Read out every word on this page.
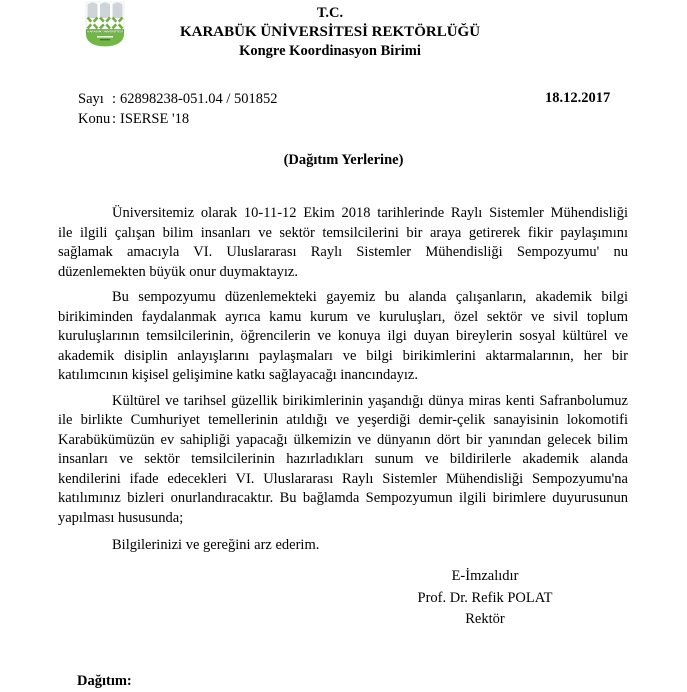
KARABÜK ÜNİVERSİTESİ
T.C.
KARABÜK ÜNİVERSİTESİ REKTÖRLÜĞÜ
Kongre Koordinasyon Birimi
Sayı : 62898238-051.04 / 501852
Konu : ISERSE '18
18.12.2017
(Dağıtım Yerlerine)
Üniversitemiz olarak 10-11-12 Ekim 2018 tarihlerinde Raylı Sistemler Mühendisliği
ile ilgili çalışan bilim insanları ve sektör temsilcilerini bir araya getirerek fikir paylaşımını
sağlamak amacıyla VI. Uluslararası Raylı Sistemler Mühendisliği Sempozyumu' nu
düzenlemekten büyük onur duymaktayız.
Bu sempozyumu düzenlemekteki gayemiz bu alanda çalışanların, akademik bilgi
birikiminden faydalanmak ayrıca kamu kurum ve kuruluşları, özel sektör ve sivil toplum
kuruluşlarının temsilcilerinin, öğrencilerin ve konuya ilgi duyan bireylerin sosyal kültürel ve
akademik disiplin anlayışlarını paylaşmaları ve bilgi birikimlerini aktarmalarının, her bir
katılımcının kişisel gelişimine katkı sağlayacağı inancındayız.
Kültürel ve tarihsel güzellik birikimlerinin yaşandığı dünya miras kenti Safranbolumuz
ile birlikte Cumhuriyet temellerinin atıldığı ve yeşerdiği demir-çelik sanayisinin lokomotifi
Karabükümüzün ev sahipliği yapacağı ülkemizin ve dünyanın dört bir yanından gelecek bilim
insanları ve sektör temsilcilerinin hazırladıkları sunum ve bildirilerle akademik alanda
kendilerini ifade edecekleri VI. Uluslararası Raylı Sistemler Mühendisliği Sempozyumu'na
katılımınız bizleri onurlandıracaktır. Bu bağlamda Sempozyumun ilgili birimlere duyurusunun
yapılması hususunda;
Bilgilerinizi ve gereğini arz ederim.
E-İmzalıdır
Prof. Dr. Refik POLAT
Rektör
Dağıtım:
